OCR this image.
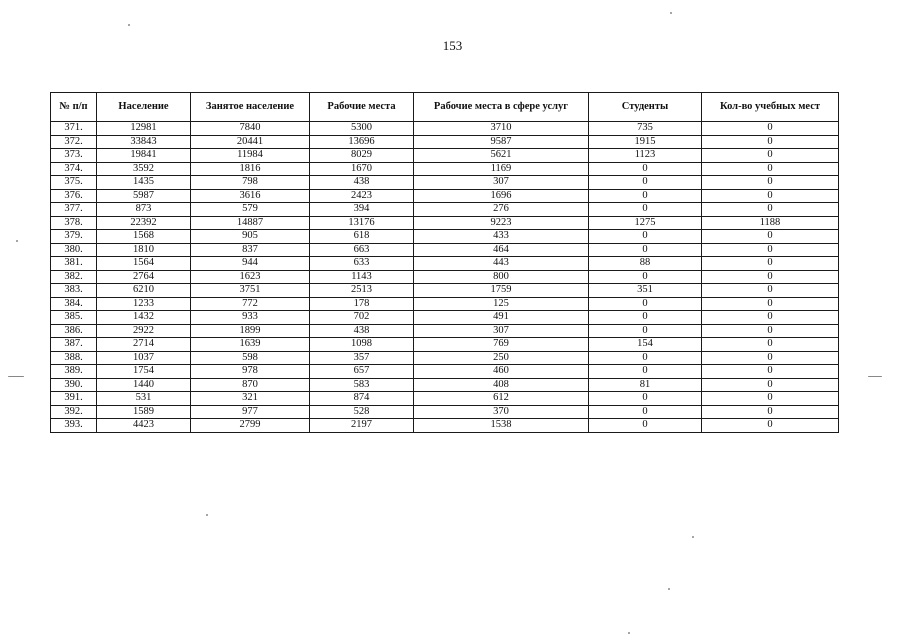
153
№ п/п	Население	Занятое население	Рабочие места	Рабочие места в сфере услуг	Студенты	Кол-во учебных мест
371.	12981	7840	5300	3710	735	0
372.	33843	20441	13696	9587	1915	0
373.	19841	11984	8029	5621	1123	0
374.	3592	1816	1670	1169	0	0
375.	1435	798	438	307	0	0
376.	5987	3616	2423	1696	0	0
377.	873	579	394	276	0	0
378.	22392	14887	13176	9223	1275	1188
379.	1568	905	618	433	0	0
380.	1810	837	663	464	0	0
381.	1564	944	633	443	88	0
382.	2764	1623	1143	800	0	0
383.	6210	3751	2513	1759	351	0
384.	1233	772	178	125	0	0
385.	1432	933	702	491	0	0
386.	2922	1899	438	307	0	0
387.	2714	1639	1098	769	154	0
388.	1037	598	357	250	0	0
389.	1754	978	657	460	0	0
390.	1440	870	583	408	81	0
391.	531	321	874	612	0	0
392.	1589	977	528	370	0	0
393.	4423	2799	2197	1538	0	0
